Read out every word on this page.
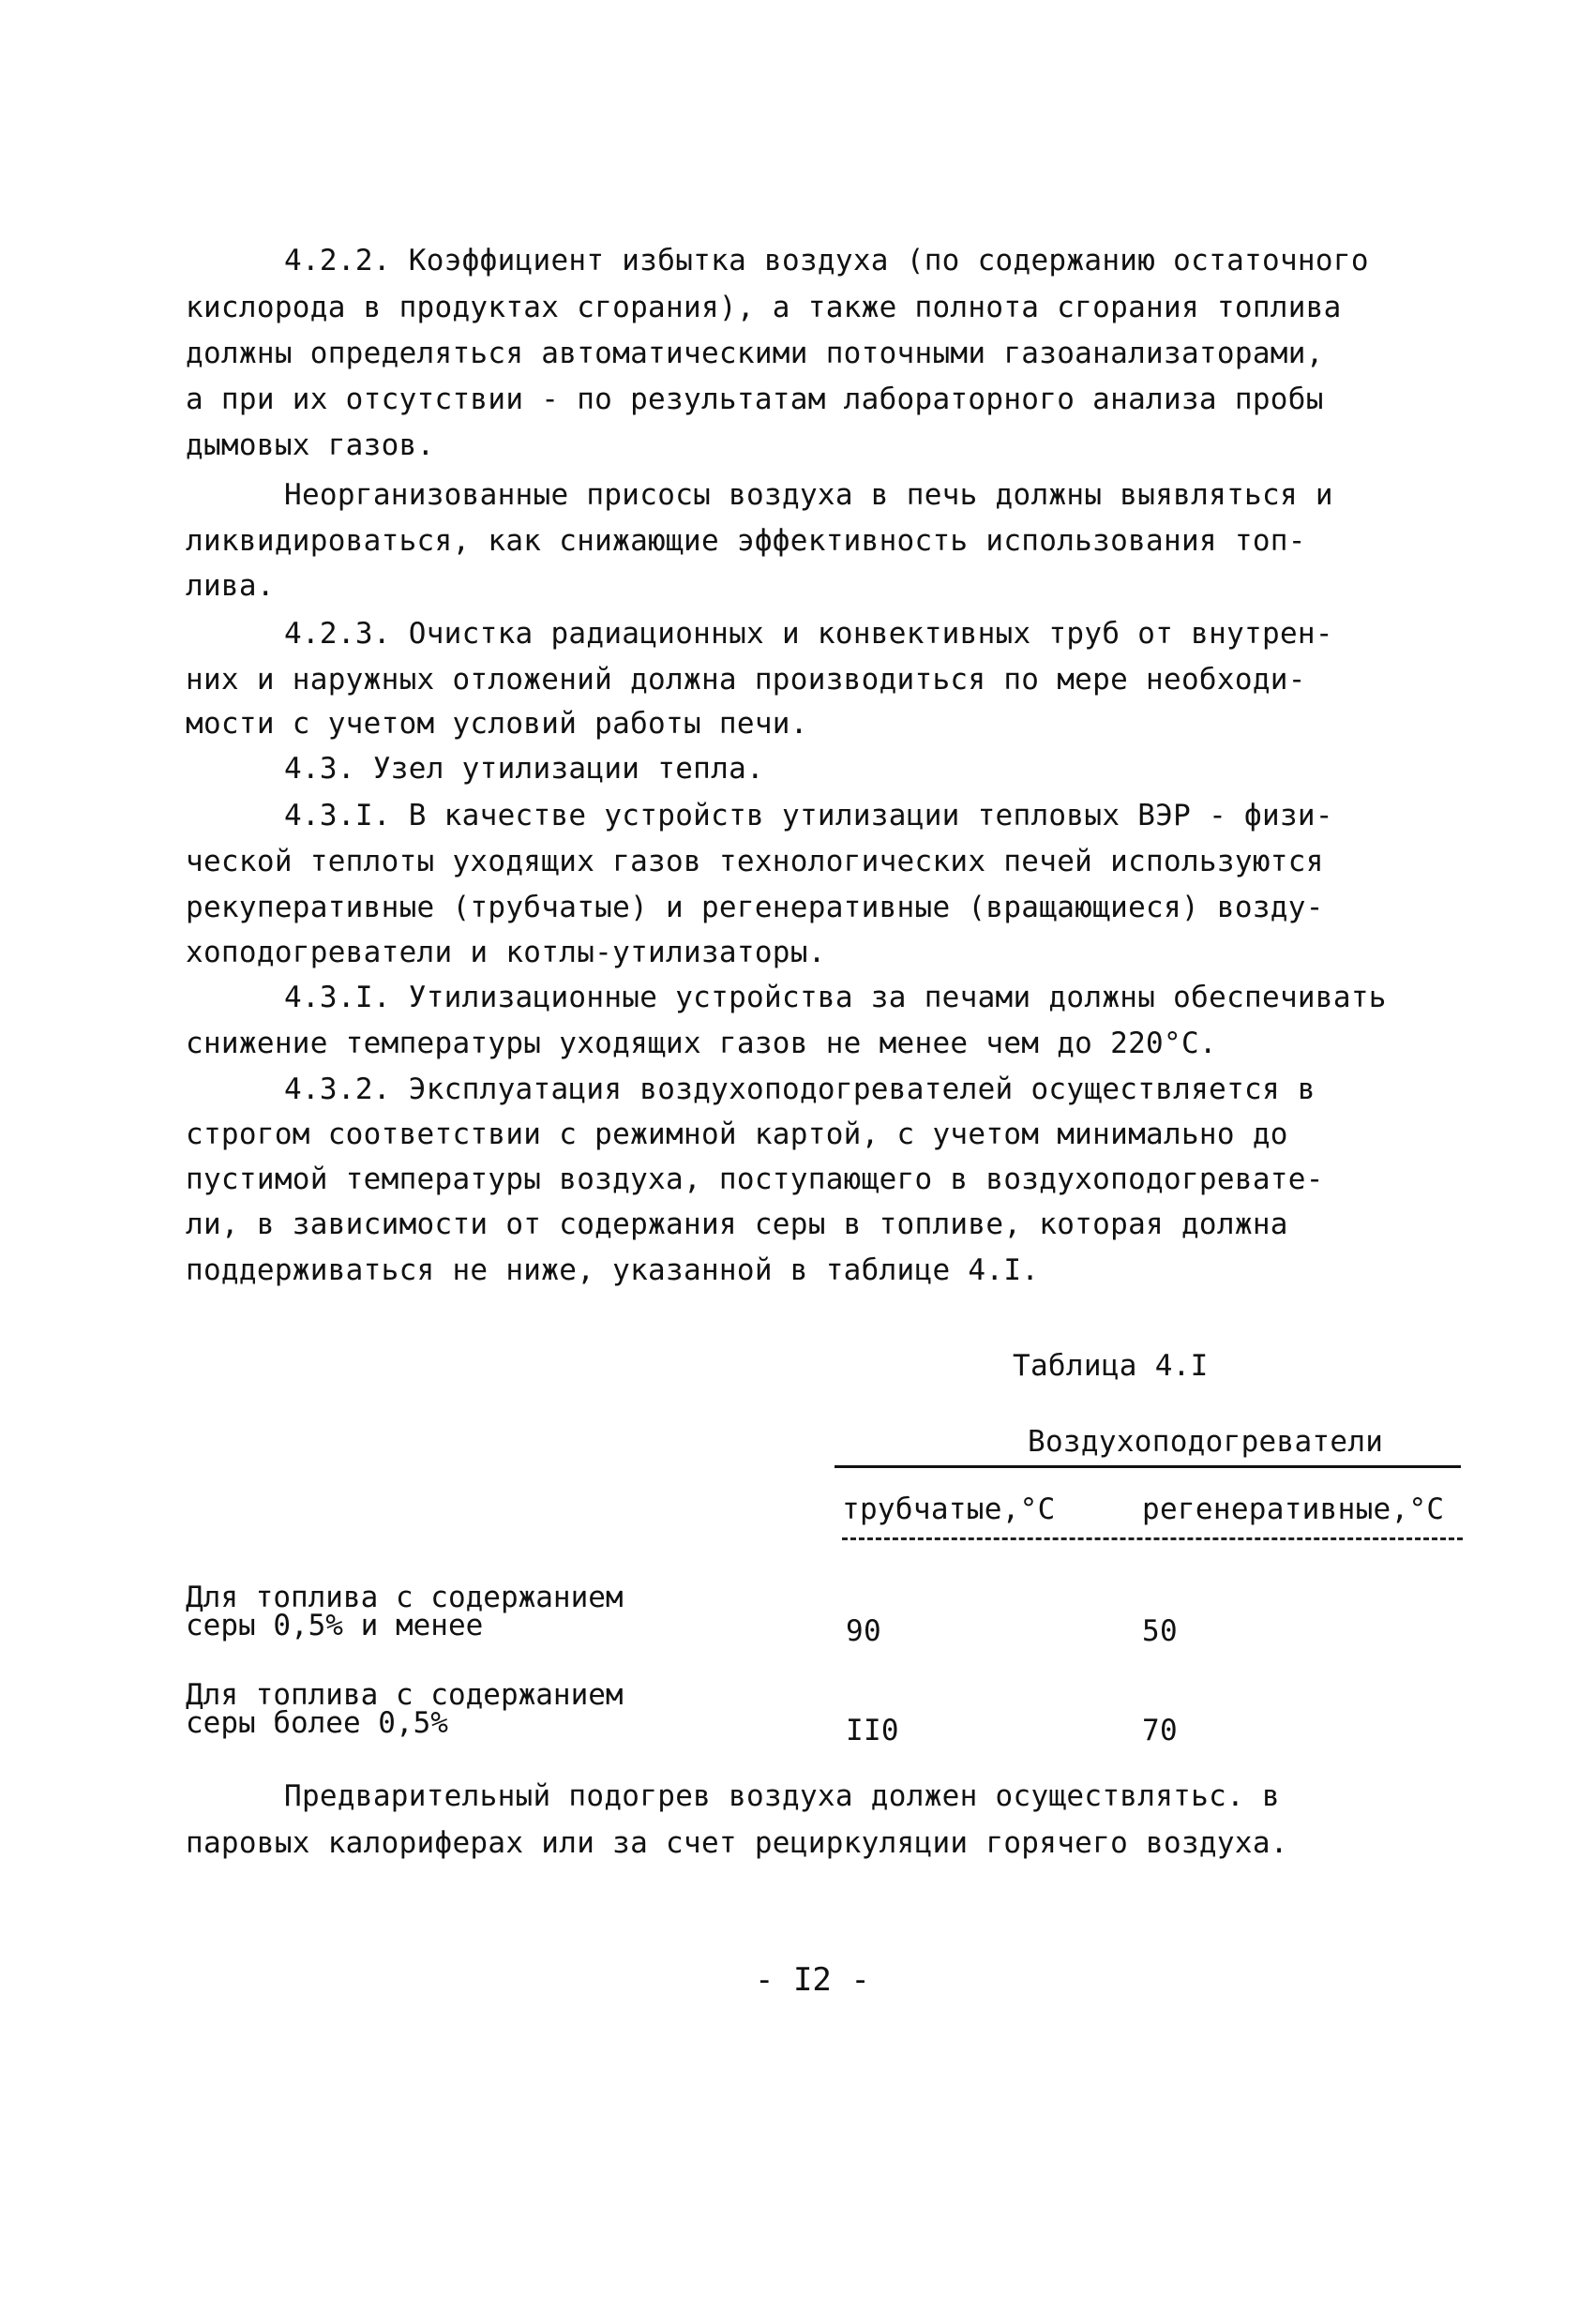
4.2.2. Коэффициент избытка воздуха (по содержанию остаточного
кислорода в продуктах сгорания), а также полнота сгорания топлива
должны определяться автоматическими поточными газоанализаторами,
а при их отсутствии - по результатам лабораторного анализа пробы
дымовых газов.
Неорганизованные присосы воздуха в печь должны выявляться и
ликвидироваться, как снижающие эффективность использования топ-
лива.
4.2.3. Очистка радиационных и конвективных труб от внутрен-
них и наружных отложений должна производиться по мере необходи-
мости с учетом условий работы печи.
4.3. Узел утилизации тепла.
4.3.I. В качестве устройств утилизации тепловых ВЭР - физи-
ческой теплоты уходящих газов технологических печей используются
рекуперативные (трубчатые) и регенеративные (вращающиеся) возду-
хоподогреватели и котлы-утилизаторы.
4.3.I. Утилизационные устройства за печами должны обеспечивать
снижение температуры уходящих газов не менее чем до 220°С.
4.3.2. Эксплуатация воздухоподогревателей осуществляется в
строгом соответствии с режимной картой, с учетом минимально до
пустимой температуры воздуха, поступающего в воздухоподогревате-
ли, в зависимости от содержания серы в топливе, которая должна
поддерживаться не ниже, указанной в таблице 4.I.
Таблица 4.I
Воздухоподогреватели
трубчатые,°С	регенеративные,°С
Для топлива с содержанием
серы 0,5% и менее	90	50
Для топлива с содержанием
серы более 0,5%	II0	70
Предварительный подогрев воздуха должен осуществлятьс. в
паровых калориферах или за счет рециркуляции горячего воздуха.
- I2 -
